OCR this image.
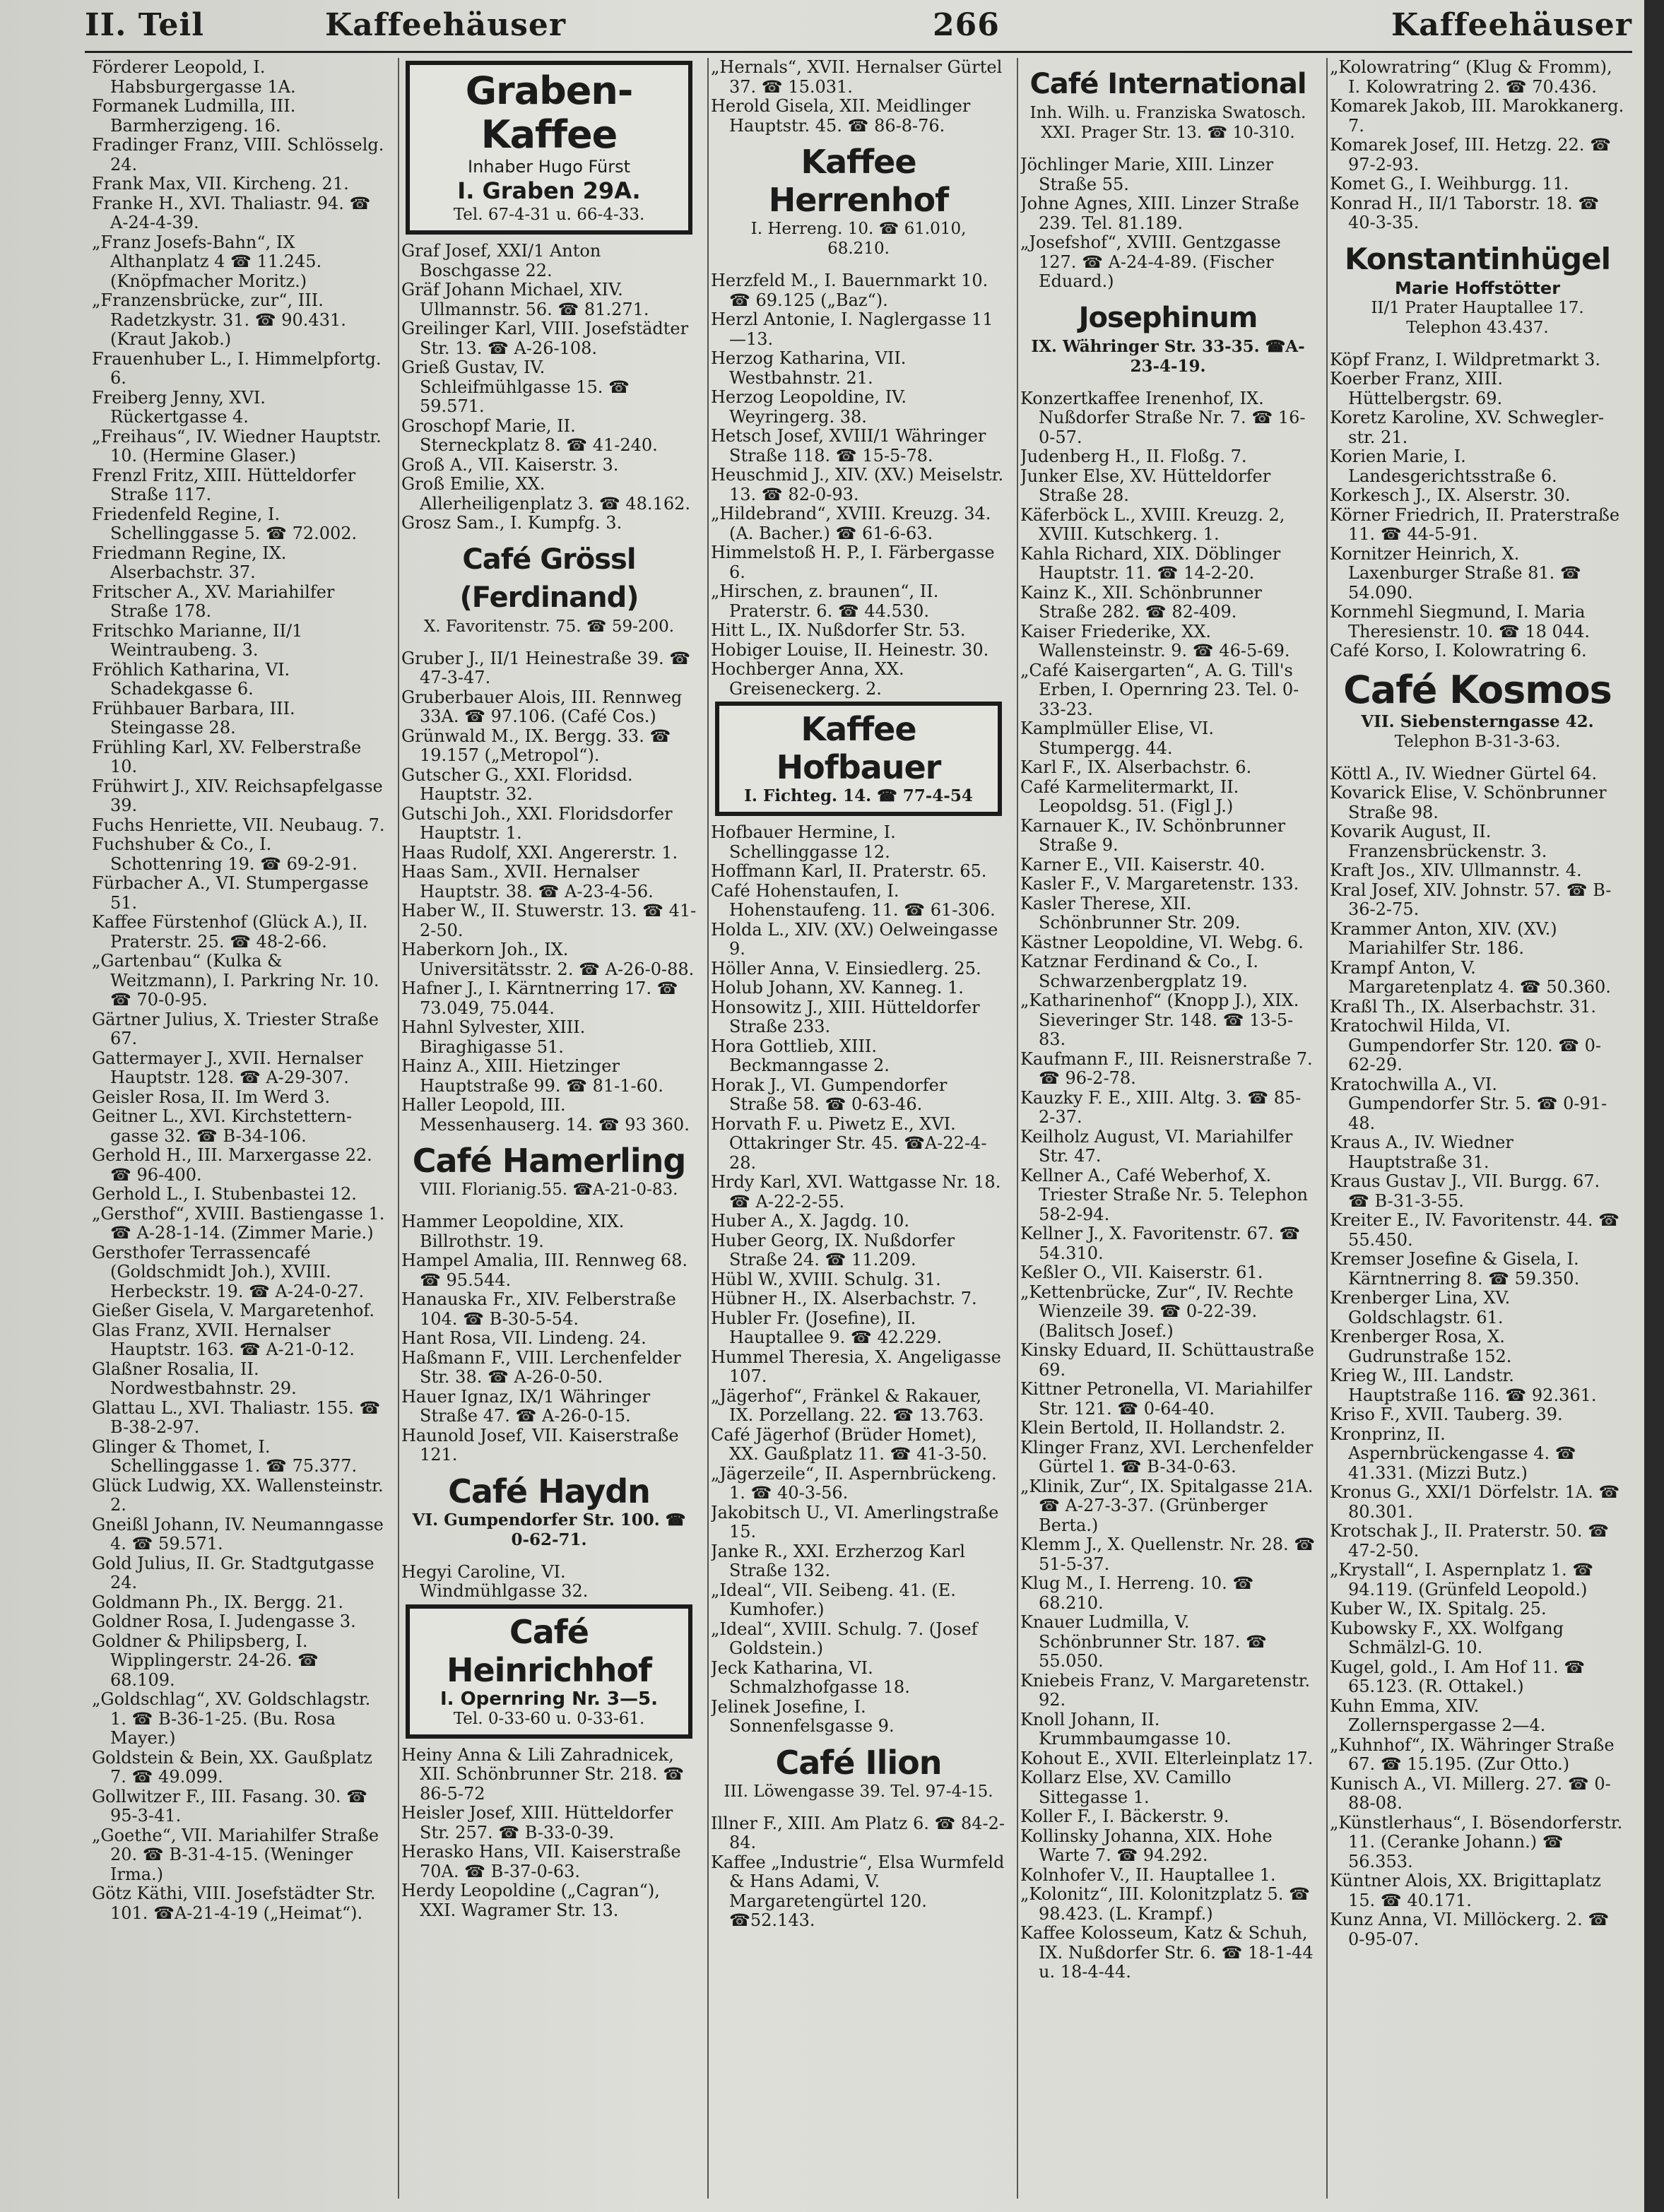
II. Teil	Kaffeehäuser	266	Kaffeehäuser

Förderer Leopold, I. Habsburgergasse 1A.

Formanek Ludmilla, III. Barmherzigeng. 16.

Fradinger Franz, VIII. Schlösselg. 24.

Frank Max, VII. Kircheng. 21.

Franke H., XVI. Thaliastr. 94. ☎ A-24-4-39.

„Franz Josefs-Bahn“, IX Althanplatz 4 ☎ 11.245. (Knöpfmacher Moritz.)

„Franzensbrücke, zur“, III. Radetzkystr. 31. ☎ 90.431. (Kraut Jakob.)

Frauenhuber L., I. Himmelpfortg. 6.

Freiberg Jenny, XVI. Rückertgasse 4.

„Freihaus“, IV. Wiedner Hauptstr. 10. (Hermine Glaser.)

Frenzl Fritz, XIII. Hütteldorfer Straße 117.

Friedenfeld Regine, I. Schellinggasse 5. ☎ 72.002.

Friedmann Regine, IX. Alserbachstr. 37.

Fritscher A., XV. Mariahilfer Straße 178.

Fritschko Marianne, II/1 Weintraubeng. 3.

Fröhlich Katharina, VI. Schadekgasse 6.

Frühbauer Barbara, III. Steingasse 28.

Frühling Karl, XV. Felberstraße 10.

Frühwirt J., XIV. Reichsapfelgasse 39.

Fuchs Henriette, VII. Neubaug. 7.

Fuchshuber & Co., I. Schottenring 19. ☎ 69-2-91.

Fürbacher A., VI. Stumpergasse 51.

Kaffee Fürstenhof (Glück A.), II. Praterstr. 25. ☎ 48-2-66.

„Gartenbau“ (Kulka & Weitzmann), I. Parkring Nr. 10. ☎ 70-0-95.

Gärtner Julius, X. Triester Straße 67.

Gattermayer J., XVII. Hernalser Hauptstr. 128. ☎ A-29-307.

Geisler Rosa, II. Im Werd 3.

Geitner L., XVI. Kirchstettern-gasse 32. ☎ B-34-106.

Gerhold H., III. Marxergasse 22. ☎ 96-400.

Gerhold L., I. Stubenbastei 12.

„Gersthof“, XVIII. Bastiengasse 1. ☎ A-28-1-14. (Zimmer Marie.)

Gersthofer Terrassencafé (Goldschmidt Joh.), XVIII. Herbeckstr. 19. ☎ A-24-0-27.

Gießer Gisela, V. Margaretenhof.

Glas Franz, XVII. Hernalser Hauptstr. 163. ☎ A-21-0-12.

Glaßner Rosalia, II. Nordwestbahnstr. 29.

Glattau L., XVI. Thaliastr. 155. ☎ B-38-2-97.

Glinger & Thomet, I. Schellinggasse 1. ☎ 75.377.

Glück Ludwig, XX. Wallensteinstr. 2.

Gneißl Johann, IV. Neumanngasse 4. ☎ 59.571.

Gold Julius, II. Gr. Stadtgutgasse 24.

Goldmann Ph., IX. Bergg. 21.

Goldner Rosa, I. Judengasse 3.

Goldner & Philipsberg, I. Wipplingerstr. 24-26. ☎ 68.109.

„Goldschlag“, XV. Goldschlagstr. 1. ☎ B-36-1-25. (Bu. Rosa Mayer.)

Goldstein & Bein, XX. Gaußplatz 7. ☎ 49.099.

Gollwitzer F., III. Fasang. 30. ☎ 95-3-41.

„Goethe“, VII. Mariahilfer Straße 20. ☎ B-31-4-15. (Weninger Irma.)

Götz Käthi, VIII. Josefstädter Str. 101. ☎A-21-4-19 („Heimat“).

Graben-Kaffee
Inhaber Hugo Fürst
I. Graben 29A.
Tel. 67-4-31 u. 66-4-33.

Graf Josef, XXI/1 Anton Boschgasse 22.

Gräf Johann Michael, XIV. Ullmannstr. 56. ☎ 81.271.

Greilinger Karl, VIII. Josefstädter Str. 13. ☎ A-26-108.

Grieß Gustav, IV. Schleifmühlgasse 15. ☎ 59.571.

Groschopf Marie, II. Sterneckplatz 8. ☎ 41-240.

Groß A., VII. Kaiserstr. 3.

Groß Emilie, XX. Allerheiligenplatz 3. ☎ 48.162.

Grosz Sam., I. Kumpfg. 3.

Café Grössl (Ferdinand)
X. Favoritenstr. 75. ☎ 59-200.

Gruber J., II/1 Heinestraße 39. ☎ 47-3-47.

Gruberbauer Alois, III. Rennweg 33A. ☎ 97.106. (Café Cos.)

Grünwald M., IX. Bergg. 33. ☎ 19.157 („Metropol“).

Gutscher G., XXI. Floridsd. Hauptstr. 32.

Gutschi Joh., XXI. Floridsdorfer Hauptstr. 1.

Haas Rudolf, XXI. Angererstr. 1.

Haas Sam., XVII. Hernalser Hauptstr. 38. ☎ A-23-4-56.

Haber W., II. Stuwerstr. 13. ☎ 41-2-50.

Haberkorn Joh., IX. Universitätsstr. 2. ☎ A-26-0-88.

Hafner J., I. Kärntnerring 17. ☎ 73.049, 75.044.

Hahnl Sylvester, XIII. Biraghigasse 51.

Hainz A., XIII. Hietzinger Hauptstraße 99. ☎ 81-1-60.

Haller Leopold, III. Messenhauserg. 14. ☎ 93 360.

Café Hamerling
VIII. Florianig.55. ☎A-21-0-83.

Hammer Leopoldine, XIX. Billrothstr. 19.

Hampel Amalia, III. Rennweg 68. ☎ 95.544.

Hanauska Fr., XIV. Felberstraße 104. ☎ B-30-5-54.

Hant Rosa, VII. Lindeng. 24.

Haßmann F., VIII. Lerchenfelder Str. 38. ☎ A-26-0-50.

Hauer Ignaz, IX/1 Währinger Straße 47. ☎ A-26-0-15.

Haunold Josef, VII. Kaiserstraße 121.

Café Haydn
VI. Gumpendorfer Str. 100. ☎ 0-62-71.

Hegyi Caroline, VI. Windmühlgasse 32.

Café Heinrichhof
I. Opernring Nr. 3—5.
Tel. 0-33-60 u. 0-33-61.

Heiny Anna & Lili Zahradnicek, XII. Schönbrunner Str. 218. ☎ 86-5-72

Heisler Josef, XIII. Hütteldorfer Str. 257. ☎ B-33-0-39.

Herasko Hans, VII. Kaiserstraße 70A. ☎ B-37-0-63.

Herdy Leopoldine („Cagran“), XXI. Wagramer Str. 13.

„Hernals“, XVII. Hernalser Gürtel 37. ☎ 15.031.

Herold Gisela, XII. Meidlinger Hauptstr. 45. ☎ 86-8-76.

Kaffee Herrenhof
I. Herreng. 10. ☎ 61.010, 68.210.

Herzfeld M., I. Bauernmarkt 10. ☎ 69.125 („Baz“).

Herzl Antonie, I. Naglergasse 11—13.

Herzog Katharina, VII. Westbahnstr. 21.

Herzog Leopoldine, IV. Weyringerg. 38.

Hetsch Josef, XVIII/1 Währinger Straße 118. ☎ 15-5-78.

Heuschmid J., XIV. (XV.) Meiselstr. 13. ☎ 82-0-93.

„Hildebrand“, XVIII. Kreuzg. 34. (A. Bacher.) ☎ 61-6-63.

Himmelstoß H. P., I. Färbergasse 6.

„Hirschen, z. braunen“, II. Praterstr. 6. ☎ 44.530.

Hitt L., IX. Nußdorfer Str. 53.

Hobiger Louise, II. Heinestr. 30.

Hochberger Anna, XX. Greiseneckerg. 2.

Kaffee Hofbauer
I. Fichteg. 14. ☎ 77-4-54

Hofbauer Hermine, I. Schellinggasse 12.

Hoffmann Karl, II. Praterstr. 65.

Café Hohenstaufen, I. Hohenstaufeng. 11. ☎ 61-306.

Holda L., XIV. (XV.) Oelweingasse 9.

Höller Anna, V. Einsiedlerg. 25.

Holub Johann, XV. Kanneg. 1.

Honsowitz J., XIII. Hütteldorfer Straße 233.

Hora Gottlieb, XIII. Beckmanngasse 2.

Horak J., VI. Gumpendorfer Straße 58. ☎ 0-63-46.

Horvath F. u. Piwetz E., XVI. Ottakringer Str. 45. ☎A-22-4-28.

Hrdy Karl, XVI. Wattgasse Nr. 18. ☎ A-22-2-55.

Huber A., X. Jagdg. 10.

Huber Georg, IX. Nußdorfer Straße 24. ☎ 11.209.

Hübl W., XVIII. Schulg. 31.

Hübner H., IX. Alserbachstr. 7.

Hubler Fr. (Josefine), II. Hauptallee 9. ☎ 42.229.

Hummel Theresia, X. Angeligasse 107.

„Jägerhof“, Fränkel & Rakauer, IX. Porzellang. 22. ☎ 13.763.

Café Jägerhof (Brüder Homet), XX. Gaußplatz 11. ☎ 41-3-50.

„Jägerzeile“, II. Aspernbrückeng. 1. ☎ 40-3-56.

Jakobitsch U., VI. Amerlingstraße 15.

Janke R., XXI. Erzherzog Karl Straße 132.

„Ideal“, VII. Seibeng. 41. (E. Kumhofer.)

„Ideal“, XVIII. Schulg. 7. (Josef Goldstein.)

Jeck Katharina, VI. Schmalzhofgasse 18.

Jelinek Josefine, I. Sonnenfelsgasse 9.

Café Ilion
III. Löwengasse 39. Tel. 97-4-15.

Illner F., XIII. Am Platz 6. ☎ 84-2-84.

Kaffee „Industrie“, Elsa Wurmfeld & Hans Adami, V. Margaretengürtel 120. ☎52.143.

Café International
Inh. Wilh. u. Franziska Swatosch. XXI. Prager Str. 13. ☎ 10-310.

Jöchlinger Marie, XIII. Linzer Straße 55.

Johne Agnes, XIII. Linzer Straße 239. Tel. 81.189.

„Josefshof“, XVIII. Gentzgasse 127. ☎ A-24-4-89. (Fischer Eduard.)

Josephinum
IX. Währinger Str. 33-35. ☎A-23-4-19.

Konzertkaffee Irenenhof, IX. Nußdorfer Straße Nr. 7. ☎ 16-0-57.

Judenberg H., II. Floßg. 7.

Junker Else, XV. Hütteldorfer Straße 28.

Käferböck L., XVIII. Kreuzg. 2, XVIII. Kutschkerg. 1.

Kahla Richard, XIX. Döblinger Hauptstr. 11. ☎ 14-2-20.

Kainz K., XII. Schönbrunner Straße 282. ☎ 82-409.

Kaiser Friederike, XX. Wallensteinstr. 9. ☎ 46-5-69.

„Café Kaisergarten“, A. G. Till's Erben, I. Opernring 23. Tel. 0-33-23.

Kamplmüller Elise, VI. Stumpergg. 44.

Karl F., IX. Alserbachstr. 6.

Café Karmelitermarkt, II. Leopoldsg. 51. (Figl J.)

Karnauer K., IV. Schönbrunner Straße 9.

Karner E., VII. Kaiserstr. 40.

Kasler F., V. Margaretenstr. 133.

Kasler Therese, XII. Schönbrunner Str. 209.

Kästner Leopoldine, VI. Webg. 6.

Katznar Ferdinand & Co., I. Schwarzenbergplatz 19.

„Katharinenhof“ (Knopp J.), XIX. Sieveringer Str. 148. ☎ 13-5-83.

Kaufmann F., III. Reisnerstraße 7. ☎ 96-2-78.

Kauzky F. E., XIII. Altg. 3. ☎ 85-2-37.

Keilholz August, VI. Mariahilfer Str. 47.

Kellner A., Café Weberhof, X. Triester Straße Nr. 5. Telephon 58-2-94.

Kellner J., X. Favoritenstr. 67. ☎ 54.310.

Keßler O., VII. Kaiserstr. 61.

„Kettenbrücke, Zur“, IV. Rechte Wienzeile 39. ☎ 0-22-39. (Balitsch Josef.)

Kinsky Eduard, II. Schüttaustraße 69.

Kittner Petronella, VI. Mariahilfer Str. 121. ☎ 0-64-40.

Klein Bertold, II. Hollandstr. 2.

Klinger Franz, XVI. Lerchenfelder Gürtel 1. ☎ B-34-0-63.

„Klinik, Zur“, IX. Spitalgasse 21A. ☎ A-27-3-37. (Grünberger Berta.)

Klemm J., X. Quellenstr. Nr. 28. ☎ 51-5-37.

Klug M., I. Herreng. 10. ☎ 68.210.

Knauer Ludmilla, V. Schönbrunner Str. 187. ☎ 55.050.

Kniebeis Franz, V. Margaretenstr. 92.

Knoll Johann, II. Krummbaumgasse 10.

Kohout E., XVII. Elterleinplatz 17.

Kollarz Else, XV. Camillo Sittegasse 1.

Koller F., I. Bäckerstr. 9.

Kollinsky Johanna, XIX. Hohe Warte 7. ☎ 94.292.

Kolnhofer V., II. Hauptallee 1.

„Kolonitz“, III. Kolonitzplatz 5. ☎ 98.423. (L. Krampf.)

Kaffee Kolosseum, Katz & Schuh, IX. Nußdorfer Str. 6. ☎ 18-1-44 u. 18-4-44.

„Kolowratring“ (Klug & Fromm), I. Kolowratring 2. ☎ 70.436.

Komarek Jakob, III. Marokkanerg. 7.

Komarek Josef, III. Hetzg. 22. ☎ 97-2-93.

Komet G., I. Weihburgg. 11.

Konrad H., II/1 Taborstr. 18. ☎ 40-3-35.

Konstantinhügel
Marie Hoffstötter
II/1 Prater Hauptallee 17.
Telephon 43.437.

Köpf Franz, I. Wildpretmarkt 3.

Koerber Franz, XIII. Hüttelbergstr. 69.

Koretz Karoline, XV. Schwegler-str. 21.

Korien Marie, I. Landesgerichtsstraße 6.

Korkesch J., IX. Alserstr. 30.

Körner Friedrich, II. Praterstraße 11. ☎ 44-5-91.

Kornitzer Heinrich, X. Laxenburger Straße 81. ☎ 54.090.

Kornmehl Siegmund, I. Maria Theresienstr. 10. ☎ 18 044.

Café Korso, I. Kolowratring 6.

Café Kosmos
VII. Siebensterngasse 42.
Telephon B-31-3-63.

Köttl A., IV. Wiedner Gürtel 64.

Kovarick Elise, V. Schönbrunner Straße 98.

Kovarik August, II. Franzensbrückenstr. 3.

Kraft Jos., XIV. Ullmannstr. 4.

Kral Josef, XIV. Johnstr. 57. ☎ B-36-2-75.

Krammer Anton, XIV. (XV.) Mariahilfer Str. 186.

Krampf Anton, V. Margaretenplatz 4. ☎ 50.360.

Kraßl Th., IX. Alserbachstr. 31.

Kratochwil Hilda, VI. Gumpendorfer Str. 120. ☎ 0-62-29.

Kratochwilla A., VI. Gumpendorfer Str. 5. ☎ 0-91-48.

Kraus A., IV. Wiedner Hauptstraße 31.

Kraus Gustav J., VII. Burgg. 67. ☎ B-31-3-55.

Kreiter E., IV. Favoritenstr. 44. ☎ 55.450.

Kremser Josefine & Gisela, I. Kärntnerring 8. ☎ 59.350.

Krenberger Lina, XV. Goldschlagstr. 61.

Krenberger Rosa, X. Gudrunstraße 152.

Krieg W., III. Landstr. Hauptstraße 116. ☎ 92.361.

Kriso F., XVII. Tauberg. 39.

Kronprinz, II. Aspernbrückengasse 4. ☎ 41.331. (Mizzi Butz.)

Kronus G., XXI/1 Dörfelstr. 1A. ☎ 80.301.

Krotschak J., II. Praterstr. 50. ☎ 47-2-50.

„Krystall“, I. Aspernplatz 1. ☎ 94.119. (Grünfeld Leopold.)

Kuber W., IX. Spitalg. 25.

Kubowsky F., XX. Wolfgang Schmälzl-G. 10.

Kugel, gold., I. Am Hof 11. ☎ 65.123. (R. Ottakel.)

Kuhn Emma, XIV. Zollernspergasse 2—4.

„Kuhnhof“, IX. Währinger Straße 67. ☎ 15.195. (Zur Otto.)

Kunisch A., VI. Millerg. 27. ☎ 0-88-08.

„Künstlerhaus“, I. Bösendorferstr. 11. (Ceranke Johann.) ☎ 56.353.

Küntner Alois, XX. Brigittaplatz 15. ☎ 40.171.

Kunz Anna, VI. Millöckerg. 2. ☎ 0-95-07.
